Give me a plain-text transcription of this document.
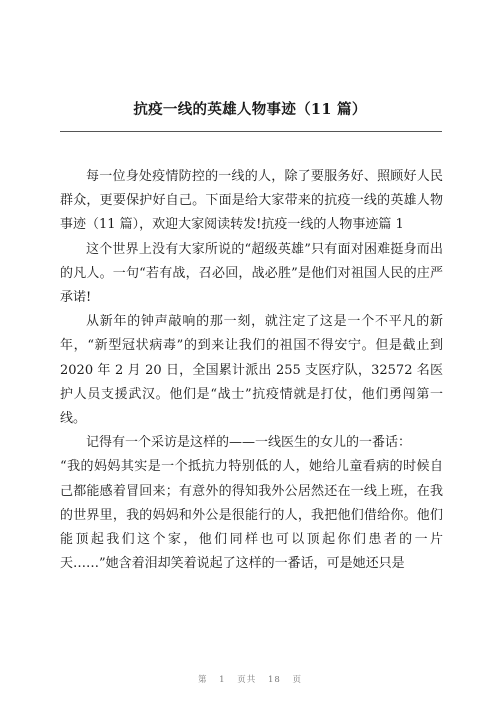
抗疫一线的英雄人物事迹（11 篇）

每一位身处疫情防控的一线的人，除了要服务好、照顾好人民群众，更要保护好自己。下面是给大家带来的抗疫一线的英雄人物事迹（11 篇），欢迎大家阅读转发!抗疫一线的人物事迹篇 1

这个世界上没有大家所说的“超级英雄”只有面对困难挺身而出的凡人。一句“若有战，召必回，战必胜”是他们对祖国人民的庄严承诺!

从新年的钟声敲响的那一刻，就注定了这是一个不平凡的新年，“新型冠状病毒”的到来让我们的祖国不得安宁。但是截止到 2020 年 2 月 20 日，全国累计派出 255 支医疗队，32572 名医护人员支援武汉。他们是“战士”抗疫情就是打仗，他们勇闯第一线。

记得有一个采访是这样的——一线医生的女儿的一番话：

“我的妈妈其实是一个抵抗力特别低的人，她给儿童看病的时候自己都能感着冒回来；有意外的得知我外公居然还在一线上班，在我的世界里，我的妈妈和外公是很能行的人，我把他们借给你。他们能顶起我们这个家，他们同样也可以顶起你们患者的一片天……”她含着泪却笑着说起了这样的一番话，可是她还只是

第 1 页共 18 页
